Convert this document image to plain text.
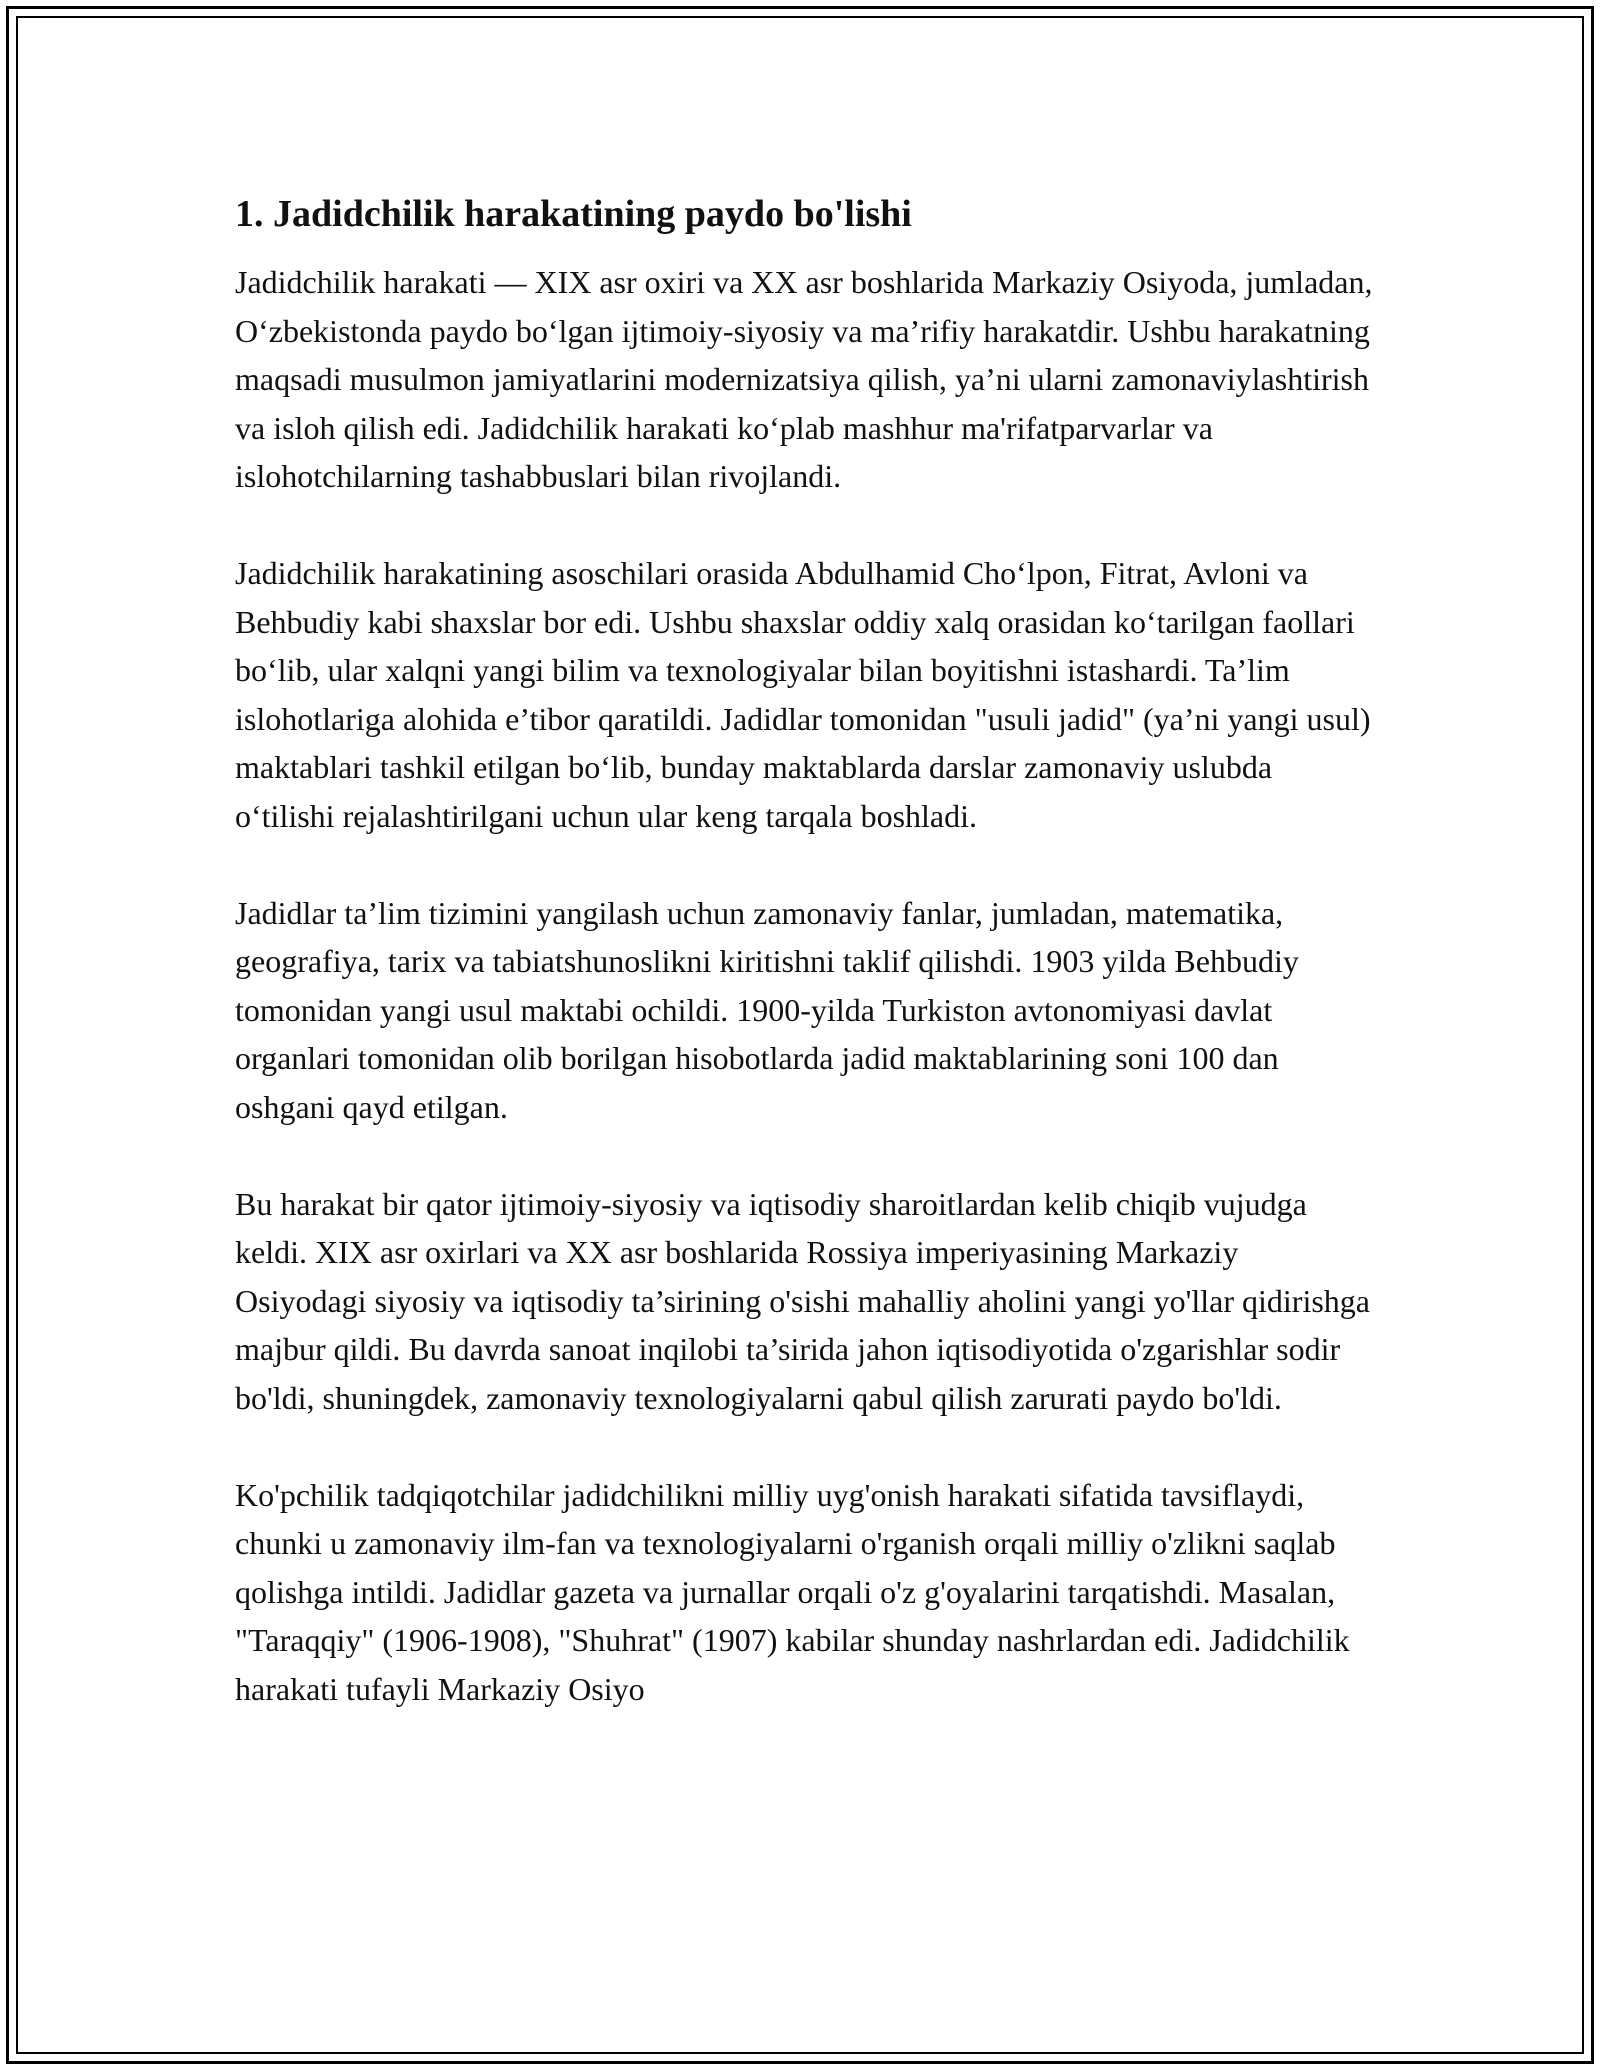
1. Jadidchilik harakatining paydo bo'lishi

Jadidchilik harakati — XIX asr oxiri va XX asr boshlarida Markaziy Osiyoda, jumladan, O‘zbekistonda paydo bo‘lgan ijtimoiy-siyosiy va ma’rifiy harakatdir. Ushbu harakatning maqsadi musulmon jamiyatlarini modernizatsiya qilish, ya’ni ularni zamonaviylashtirish va isloh qilish edi. Jadidchilik harakati ko‘plab mashhur ma'rifatparvarlar va islohotchilarning tashabbuslari bilan rivojlandi.

Jadidchilik harakatining asoschilari orasida Abdulhamid Cho‘lpon, Fitrat, Avloni va Behbudiy kabi shaxslar bor edi. Ushbu shaxslar oddiy xalq orasidan ko‘tarilgan faollari bo‘lib, ular xalqni yangi bilim va texnologiyalar bilan boyitishni istashardi. Ta’lim islohotlariga alohida e’tibor qaratildi. Jadidlar tomonidan "usuli jadid" (ya’ni yangi usul) maktablari tashkil etilgan bo‘lib, bunday maktablarda darslar zamonaviy uslubda o‘tilishi rejalashtirilgani uchun ular keng tarqala boshladi.

Jadidlar ta’lim tizimini yangilash uchun zamonaviy fanlar, jumladan, matematika, geografiya, tarix va tabiatshunoslikni kiritishni taklif qilishdi. 1903 yilda Behbudiy tomonidan yangi usul maktabi ochildi. 1900-yilda Turkiston avtonomiyasi davlat organlari tomonidan olib borilgan hisobotlarda jadid maktablarining soni 100 dan oshgani qayd etilgan.

Bu harakat bir qator ijtimoiy-siyosiy va iqtisodiy sharoitlardan kelib chiqib vujudga keldi. XIX asr oxirlari va XX asr boshlarida Rossiya imperiyasining Markaziy Osiyodagi siyosiy va iqtisodiy ta’sirining o'sishi mahalliy aholini yangi yo'llar qidirishga majbur qildi. Bu davrda sanoat inqilobi ta’sirida jahon iqtisodiyotida o'zgarishlar sodir bo'ldi, shuningdek, zamonaviy texnologiyalarni qabul qilish zarurati paydo bo'ldi.

Ko'pchilik tadqiqotchilar jadidchilikni milliy uyg'onish harakati sifatida tavsiflaydi, chunki u zamonaviy ilm-fan va texnologiyalarni o'rganish orqali milliy o'zlikni saqlab qolishga intildi. Jadidlar gazeta va jurnallar orqali o'z g'oyalarini tarqatishdi. Masalan, "Taraqqiy" (1906-1908), "Shuhrat" (1907) kabilar shunday nashrlardan edi. Jadidchilik harakati tufayli Markaziy Osiyo
